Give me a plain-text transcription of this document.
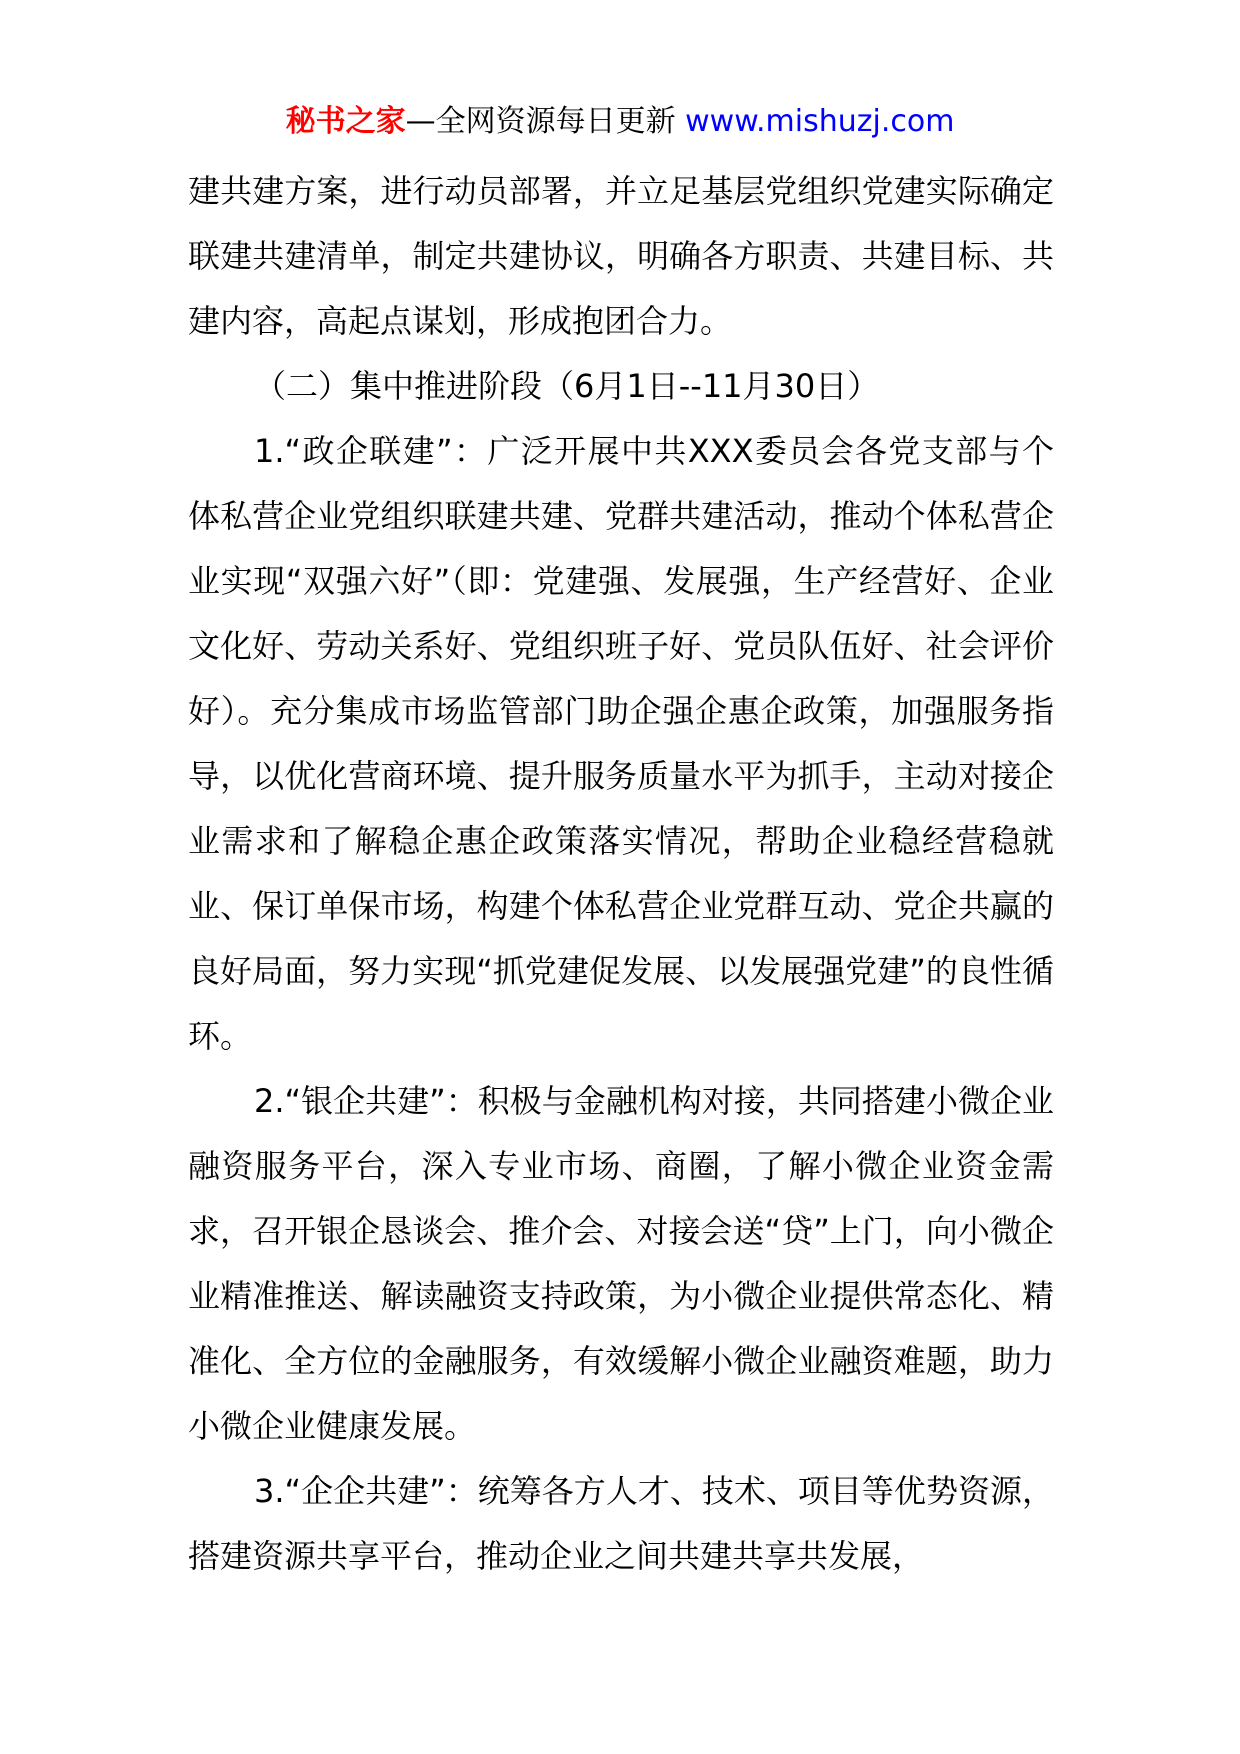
秘书之家—全网资源每日更新 www.mishuzj.com

建共建方案，进行动员部署，并立足基层党组织党建实际确定联建共建清单，制定共建协议，明确各方职责、共建目标、共建内容，高起点谋划，形成抱团合力。

（二）集中推进阶段（6月1日--11月30日）

1.“政企联建”：广泛开展中共XXX委员会各党支部与个体私营企业党组织联建共建、党群共建活动，推动个体私营企业实现“双强六好”（即：党建强、发展强，生产经营好、企业文化好、劳动关系好、党组织班子好、党员队伍好、社会评价好）。充分集成市场监管部门助企强企惠企政策，加强服务指导，以优化营商环境、提升服务质量水平为抓手，主动对接企业需求和了解稳企惠企政策落实情况，帮助企业稳经营稳就业、保订单保市场，构建个体私营企业党群互动、党企共赢的良好局面，努力实现“抓党建促发展、以发展强党建”的良性循环。

2.“银企共建”：积极与金融机构对接，共同搭建小微企业融资服务平台，深入专业市场、商圈，了解小微企业资金需求，召开银企恳谈会、推介会、对接会送“贷”上门，向小微企业精准推送、解读融资支持政策，为小微企业提供常态化、精准化、全方位的金融服务，有效缓解小微企业融资难题，助力小微企业健康发展。

3.“企企共建”：统筹各方人才、技术、项目等优势资源，搭建资源共享平台，推动企业之间共建共享共发展，
